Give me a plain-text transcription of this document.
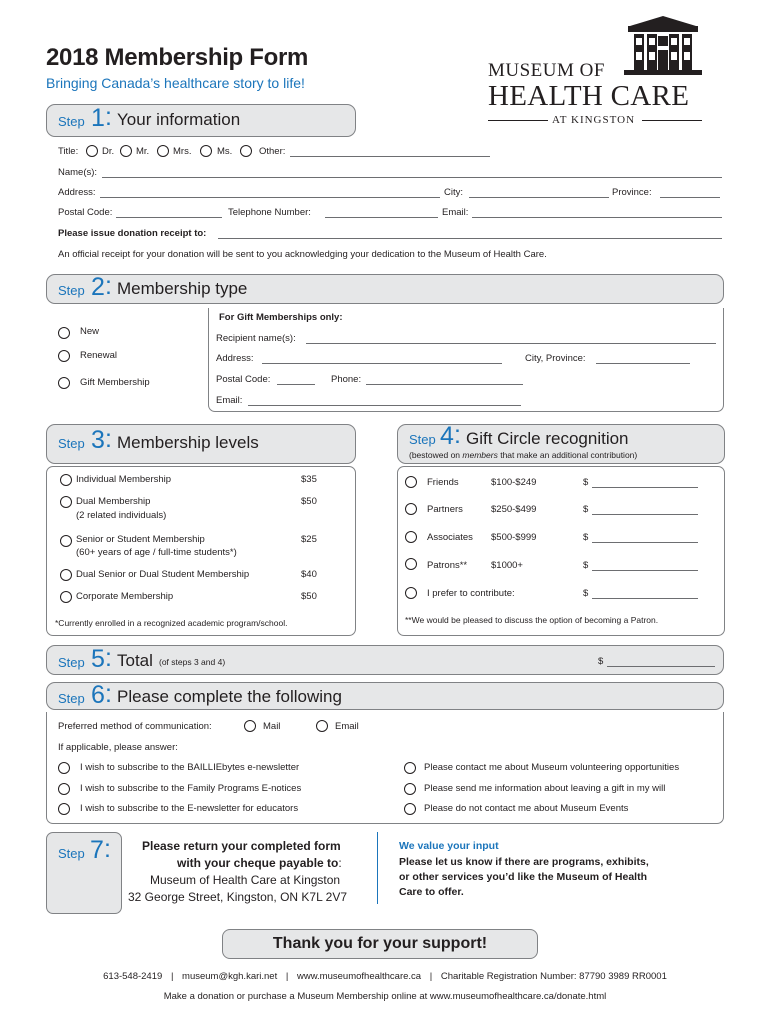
2018 Membership Form
Bringing Canada’s healthcare story to life!
MUSEUM OF
HEALTH CARE
AT KINGSTON
Step 1 : Your information
Title:	Dr. Mr.	Mrs.	Ms.	Other:
Name(s):
Address:	City:	Province:
Postal Code:	Telephone Number:	Email:
Please issue donation receipt to:
An official receipt for your donation will be sent to you acknowledging your dedication to the Museum of Health Care.
Step 2 : Membership type
New
Renewal
Gift Membership
For Gift Memberships only:
Recipient name(s):
Address:	City, Province:
Postal Code:	Phone:
Email:
Step 3 : Membership levels
Individual Membership	$35
Dual Membership
(2 related individuals)
$50
Senior or Student Membership
(60+ years of age / full-time students*)
$25
Dual Senior or Dual Student Membership	$40
Corporate Membership	$50
*Currently enrolled in a recognized academic program/school.
Step 4 : Gift Circle recognition
(bestowed on members that make an additional contribution)
Friends	$100-$249	$
Partners	$250-$499	$
Associates $500-$999	$
Patrons**	$1000+	$
I prefer to contribute:	$
**We would be pleased to discuss the option of becoming a Patron.
Step 5 : Total (of steps 3 and 4)	$
Step 6 : Please complete the following
Preferred method of communication:	Mail	Email
If applicable, please answer:
I wish to subscribe to the BAILLIEbytes e-newsletter
I wish to subscribe to the Family Programs E-notices
I wish to subscribe to the E-newsletter for educators
Please contact me about Museum volunteering opportunities
Please send me information about leaving a gift in my will
Please do not contact me about Museum Events
Step 7 :	Please return your completed form
with your cheque payable to:
Museum of Health Care at Kingston
32 George Street, Kingston, ON K7L 2V7
We value your input
Please let us know if there are programs, exhibits,
or other services you’d like the Museum of Health
Care to offer.
Thank you for your support!
613-548-2419 | museum@kgh.kari.net | www.museumofhealthcare.ca | Charitable Registration Number: 87790 3989 RR0001
Make a donation or purchase a Museum Membership online at www.museumofhealthcare.ca/donate.html
